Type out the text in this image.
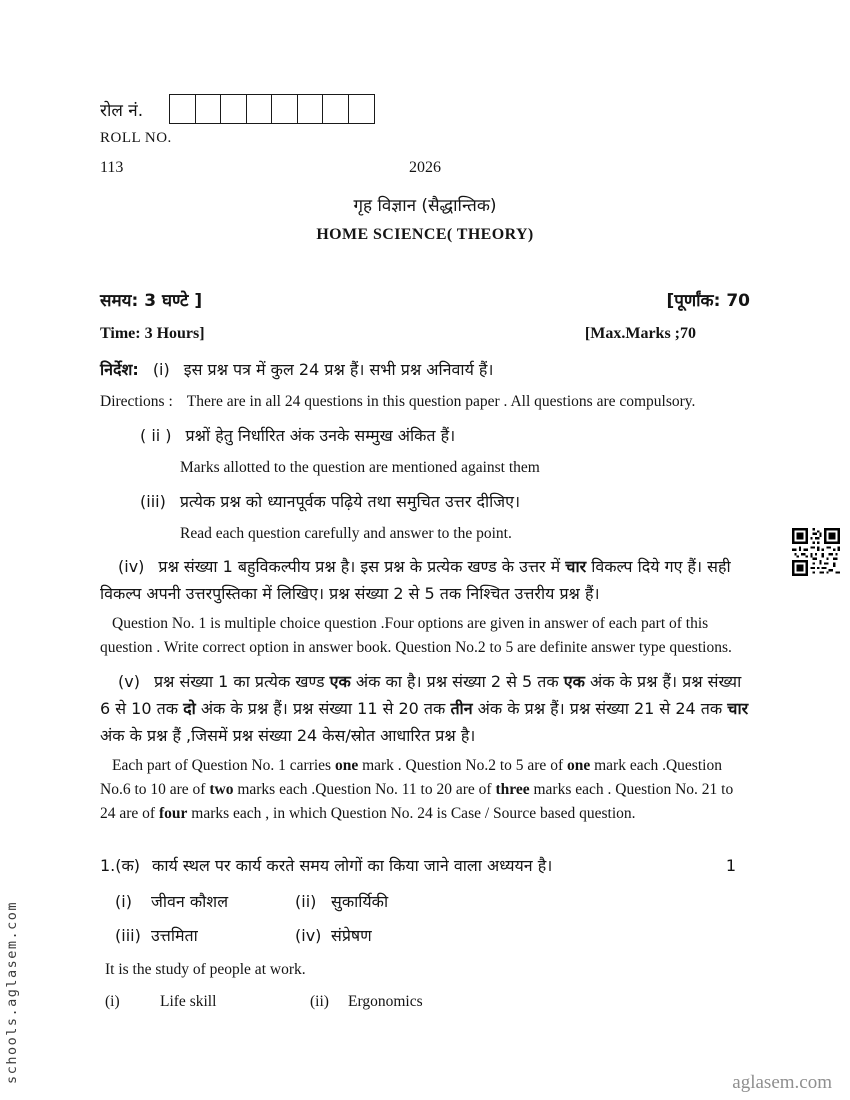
schools.aglasem.com	aglasem.com
रोल नं.
ROLL NO.
113	2026
गृह विज्ञान (सैद्धान्तिक)
HOME SCIENCE( THEORY)
समय: 3 घण्टे ]	[पूर्णांक: 70
Time: 3 Hours]	[Max.Marks ;70

निर्देश: (i) इस प्रश्न पत्र में कुल 24 प्रश्न हैं। सभी प्रश्न अनिवार्य हैं।

Directions : There are in all 24 questions in this question paper . All questions are compulsory.

( ii ) प्रश्नों हेतु निर्धारित अंक उनके सम्मुख अंकित हैं।

Marks allotted to the question are mentioned against them

(iii) प्रत्येक प्रश्न को ध्यानपूर्वक पढ़िये तथा समुचित उत्तर दीजिए।

Read each question carefully and answer to the point.

(iv) प्रश्न संख्या 1 बहुविकल्पीय प्रश्न है। इस प्रश्न के प्रत्येक खण्ड के उत्तर में चार विकल्प दिये गए हैं। सही विकल्प अपनी उत्तरपुस्तिका में लिखिए। प्रश्न संख्या 2 से 5 तक निश्चित उत्तरीय प्रश्न हैं।

Question No. 1 is multiple choice question .Four options are given in answer of each part of this question . Write correct option in answer book. Question No.2 to 5 are definite answer type questions.

(v) प्रश्न संख्या 1 का प्रत्येक खण्ड एक अंक का है। प्रश्न संख्या 2 से 5 तक एक अंक के प्रश्न हैं। प्रश्न संख्या 6 से 10 तक दो अंक के प्रश्न हैं। प्रश्न संख्या 11 से 20 तक तीन अंक के प्रश्न हैं। प्रश्न संख्या 21 से 24 तक चार अंक के प्रश्न हैं ,जिसमें प्रश्न संख्या 24 केस/स्रोत आधारित प्रश्न है।

Each part of Question No. 1 carries one mark . Question No.2 to 5 are of one mark each .Question No.6 to 10 are of two marks each .Question No. 11 to 20 are of three marks each . Question No. 21 to 24 are of four marks each , in which Question No. 24 is Case / Source based question.

1.(क) कार्य स्थल पर कार्य करते समय लोगों का किया जाने वाला अध्ययन है।	1
(i) जीवन कौशल	(ii) सुकार्यिकी
(iii) उत्तमिता	(iv) संप्रेषण

It is the study of people at work.

(i)	Life skill	(ii)	Ergonomics
